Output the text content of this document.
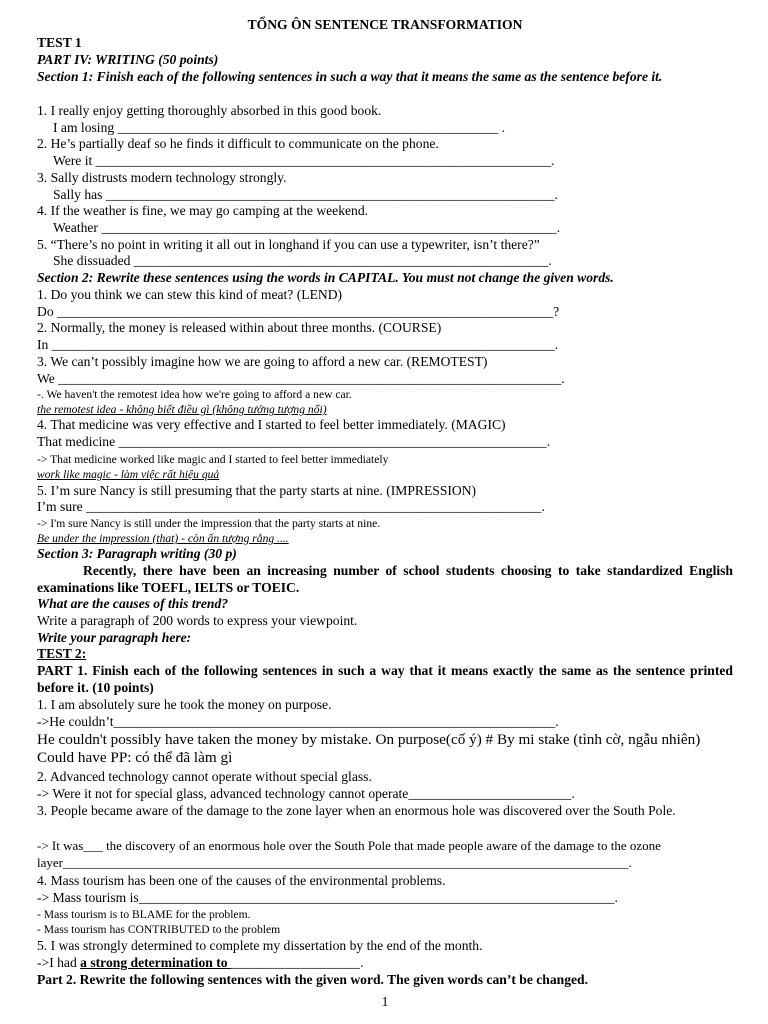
TỔNG ÔN SENTENCE TRANSFORMATION
TEST 1
PART IV: WRITING (50 points)
Section 1: Finish each of the following sentences in such a way that it means the same as the sentence before it.
1. I really enjoy getting thoroughly absorbed in this good book.
I am losing ________________________________________________________ .
2. He’s partially deaf so he finds it difficult to communicate on the phone.
Were it ___________________________________________________________________.
3. Sally distrusts modern technology strongly.
Sally has __________________________________________________________________.
4. If the weather is fine, we may go camping at the weekend.
Weather ___________________________________________________________________.
5. “There’s no point in writing it all out in longhand if you can use a typewriter, isn’t there?”
She dissuaded _____________________________________________________________.
Section 2: Rewrite these sentences using the words in CAPITAL. You must not change the given words.
1. Do you think we can stew this kind of meat? (LEND)
Do _________________________________________________________________________?
2. Normally, the money is released within about three months. (COURSE)
In __________________________________________________________________________.
3. We can’t possibly imagine how we are going to afford a new car. (REMOTEST)
We __________________________________________________________________________.
-. We haven't the remotest idea how we're going to afford a new car.
the remotest idea - không biết điều gì (không tưởng tượng nổi)
4. That medicine was very effective and I started to feel better immediately. (MAGIC)
That medicine _______________________________________________________________.
-> That medicine worked like magic and I started to feel better immediately
work like magic - làm việc rất hiệu quả
5. I’m sure Nancy is still presuming that the party starts at nine. (IMPRESSION)
I’m sure ___________________________________________________________________.
-> I'm sure Nancy is still under the impression that the party starts at nine.
Be under the impression (that) - còn ấn tượng rằng ....
Section 3: Paragraph writing (30 p)
Recently, there have been an increasing number of school students choosing to take standardized English examinations like TOEFL, IELTS or TOEIC.
What are the causes of this trend?
Write a paragraph of 200 words to express your viewpoint.
Write your paragraph here:
TEST 2:
PART 1. Finish each of the following sentences in such a way that it means exactly the same as the sentence printed before it. (10 points)
1. I am absolutely sure he took the money on purpose.
->He couldn’t_________________________________________________________________.
He couldn't possibly have taken the money by mistake. On purpose(cố ý) # By mi stake (tình cờ, ngẫu nhiên) Could have PP: có thể đã làm gì
2. Advanced technology cannot operate without special glass.
-> Were it not for special glass, advanced technology cannot operate________________________.
3. People became aware of the damage to the zone layer when an enormous hole was discovered over the South Pole.
-> It was___ the discovery of an enormous hole over the South Pole that made people aware of the damage to the ozone layer_______________________________________________________________________________________.
4. Mass tourism has been one of the causes of the environmental problems.
-> Mass tourism is______________________________________________________________________.
- Mass tourism is to BLAME for the problem.
- Mass tourism has CONTRIBUTED to the problem
5. I was strongly determined to complete my dissertation by the end of the month.
->I had a strong determination to ___________________.
Part 2. Rewrite the following sentences with the given word. The given words can’t be changed.
1
